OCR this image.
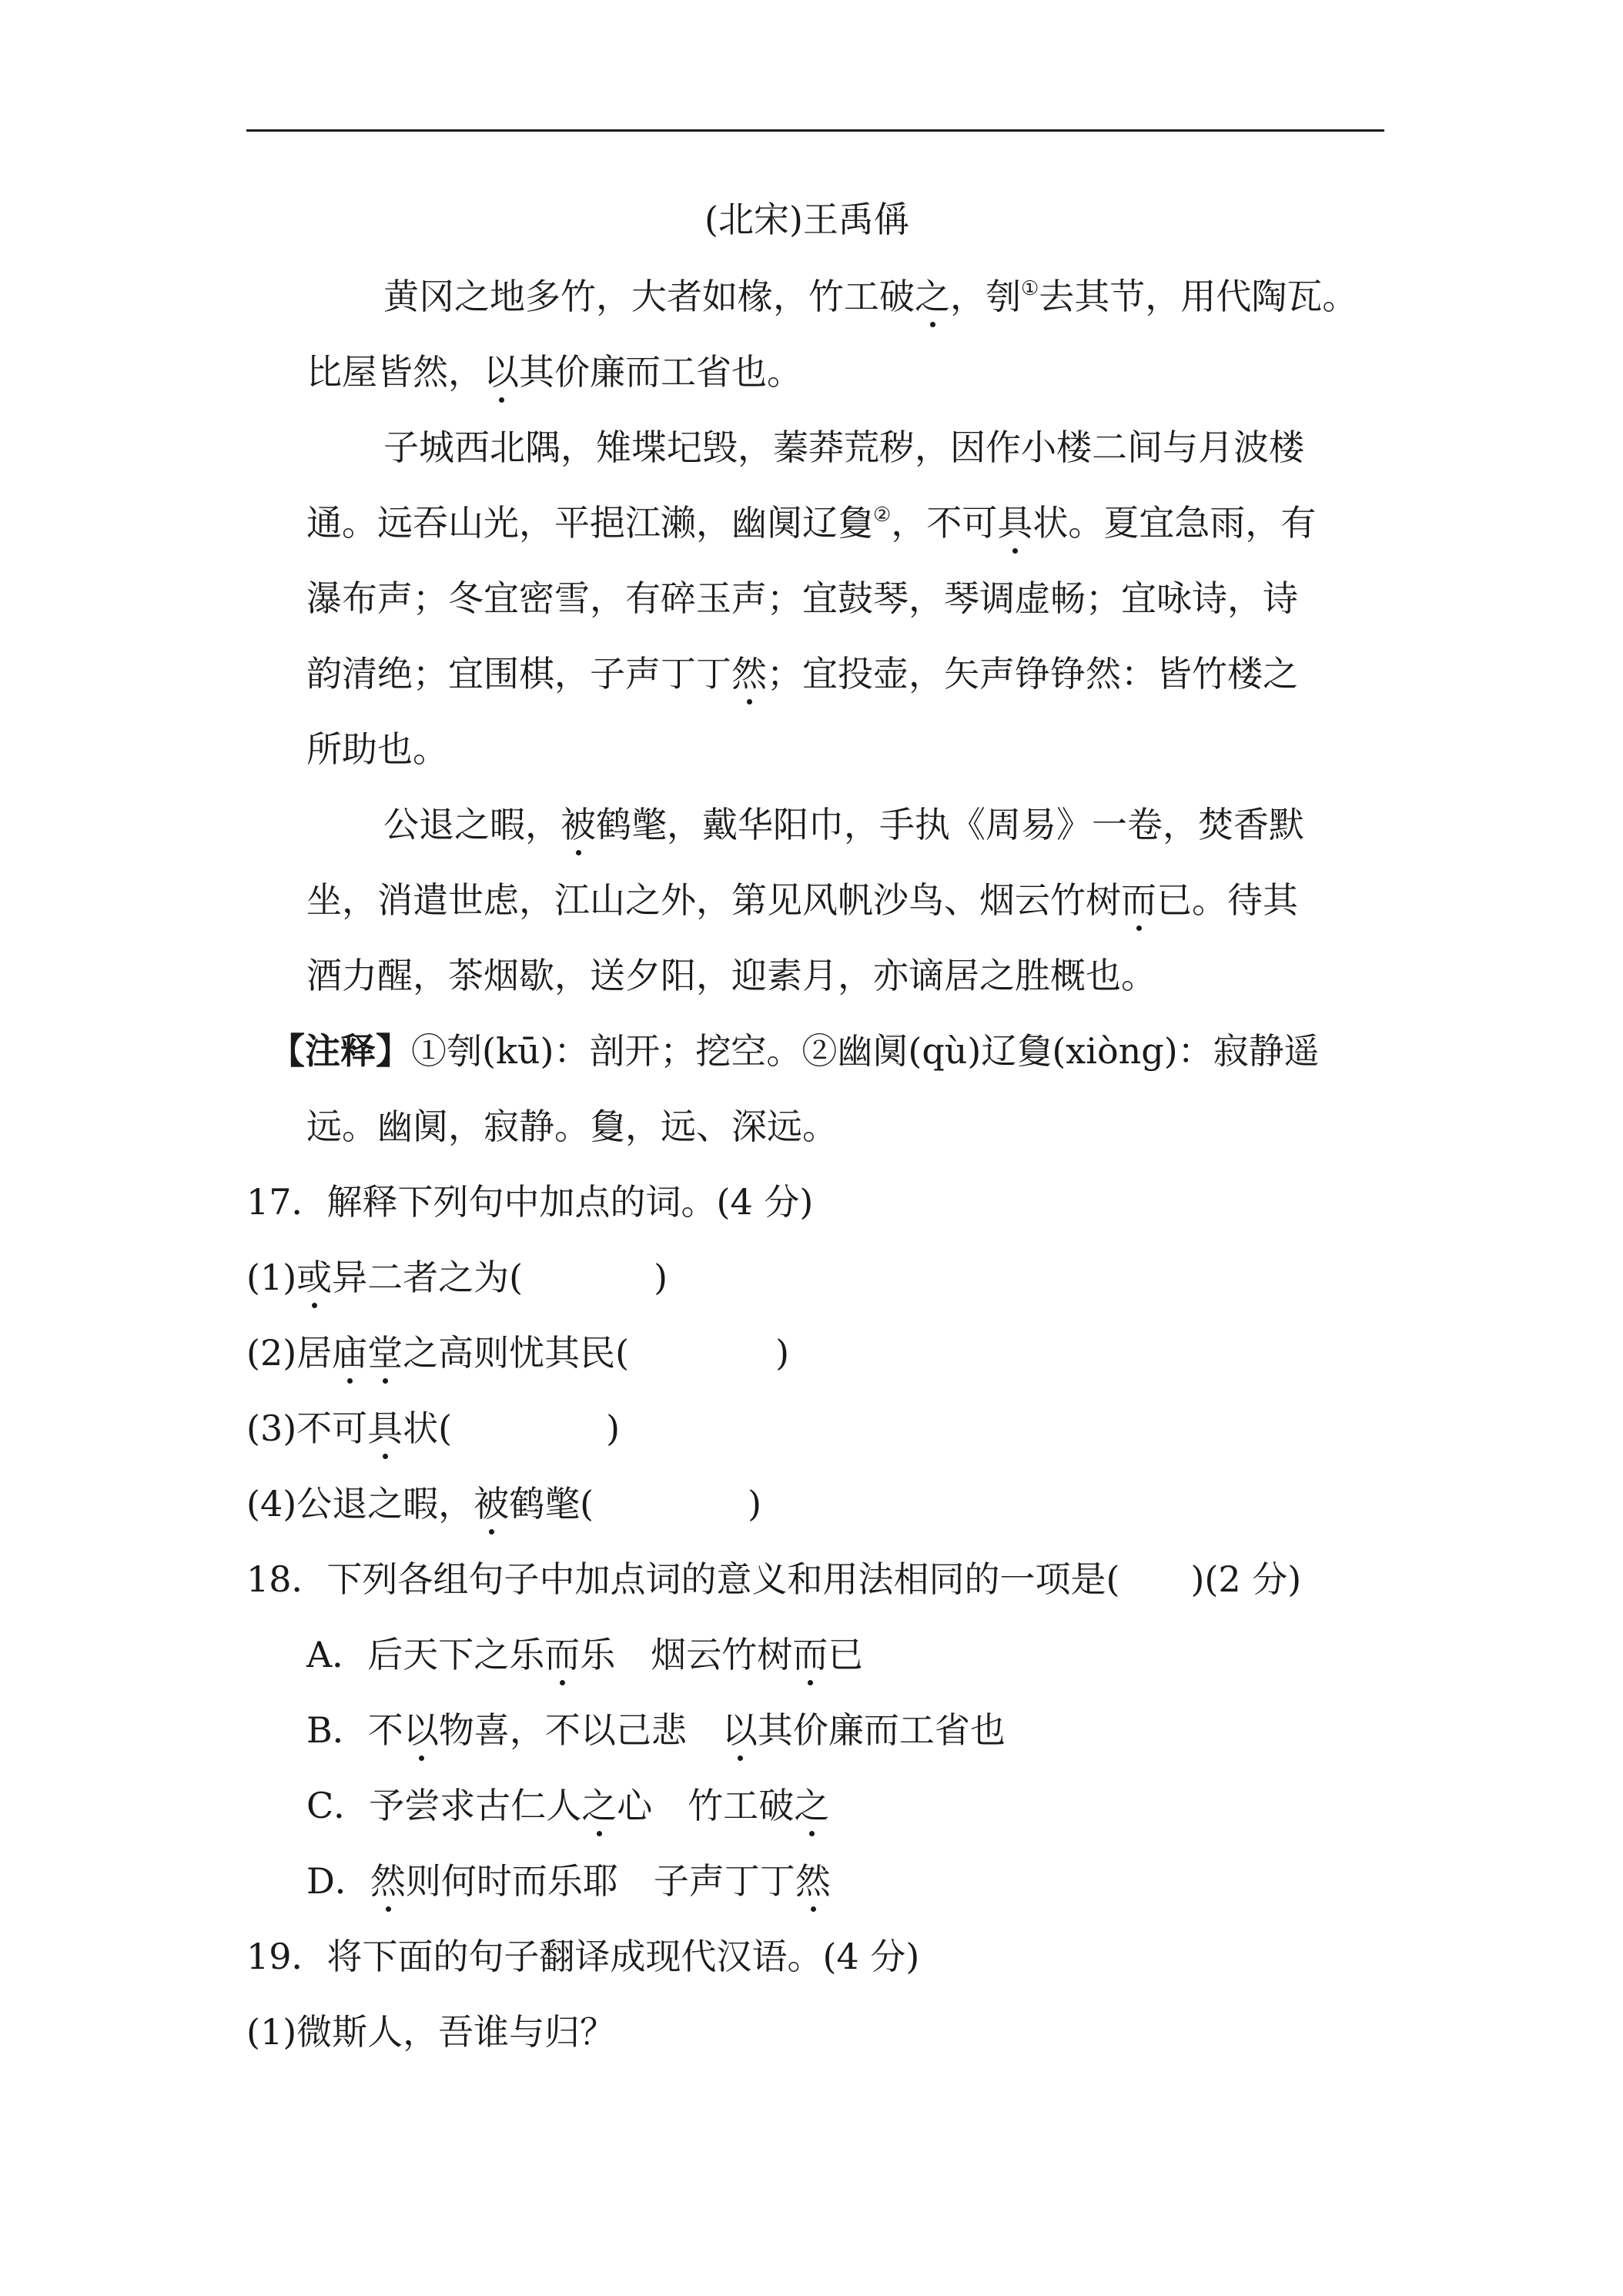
(北宋)王禹偁
黄冈之地多竹，大者如椽，竹工破之，刳①去其节，用代陶瓦。
比屋皆然，以其价廉而工省也。
子城西北隅，雉堞圮毁，蓁莽荒秽，因作小楼二间与月波楼
通。远吞山光，平挹江濑，幽阒辽敻②，不可具状。夏宜急雨，有
瀑布声；冬宜密雪，有碎玉声；宜鼓琴，琴调虚畅；宜咏诗，诗
韵清绝；宜围棋，子声丁丁然；宜投壶，矢声铮铮然：皆竹楼之
所助也。
公退之暇，被鹤氅，戴华阳巾，手执《周易》一卷，焚香默
坐，消遣世虑，江山之外，第见风帆沙鸟、烟云竹树而已。待其
酒力醒，茶烟歇，送夕阳，迎素月，亦谪居之胜概也。
【注释】①刳(kū)：剖开；挖空。②幽阒(qù)辽敻(xiòng)：寂静遥
远。幽阒，寂静。敻，远、深远。
17．解释下列句中加点的词。(4 分)
(1)或异二者之为(	)
(2)居庙堂之高则忧其民(	)
(3)不可具状(	)
(4)公退之暇，被鹤氅(	)
18．下列各组句子中加点词的意义和用法相同的一项是(　　)(2 分)
A．后天下之乐而乐　烟云竹树而已
B．不以物喜，不以己悲　以其价廉而工省也
C．予尝求古仁人之心　竹工破之
D．然则何时而乐耶　子声丁丁然
19．将下面的句子翻译成现代汉语。(4 分)
(1)微斯人，吾谁与归？
